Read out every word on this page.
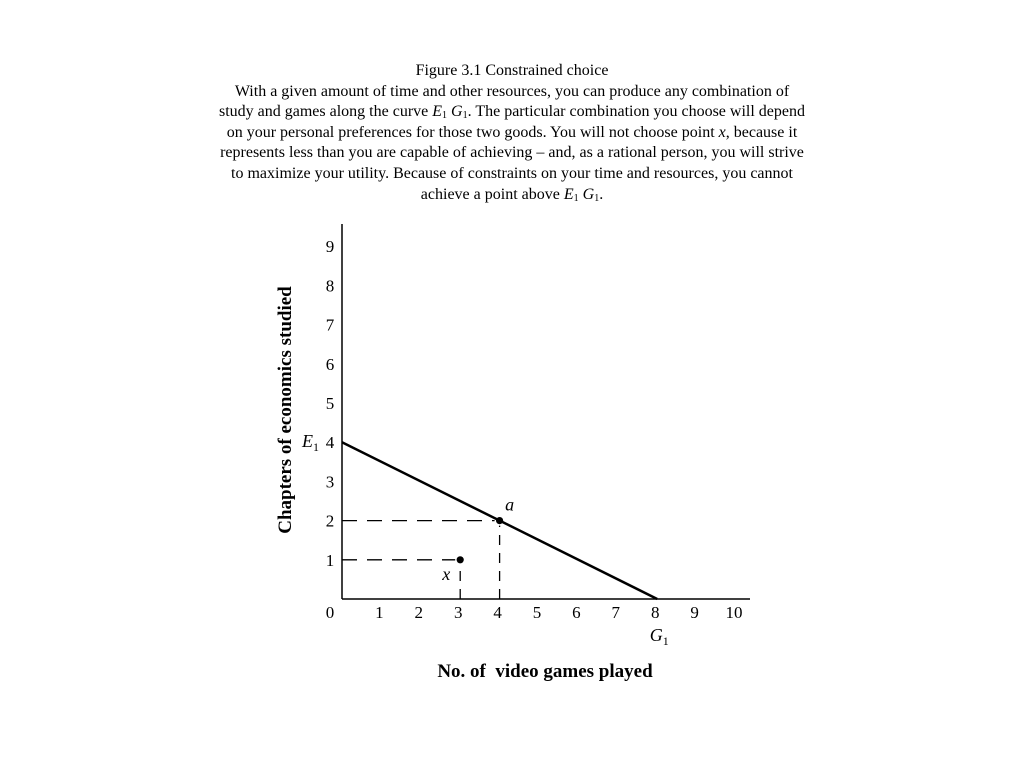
Figure 3.1 Constrained choice
With a given amount of time and other resources, you can produce any combination of
study and games along the curve $E_1$ $G_1$. The particular combination you choose will depend
on your personal preferences for those two goods. You will not choose point x, because it
represents less than you are capable of achieving – and, as a rational person, you will strive
to maximize your utility. Because of constraints on your time and resources, you cannot
achieve a point above $E_1$ $G_1$.
a
x
1
2
3
4
5
6
7
8
9
1 2 3 4 5 6 7 8 9 10
0
Chapters of economics studied
No. of  video games played
$E_1$
$G_1$
